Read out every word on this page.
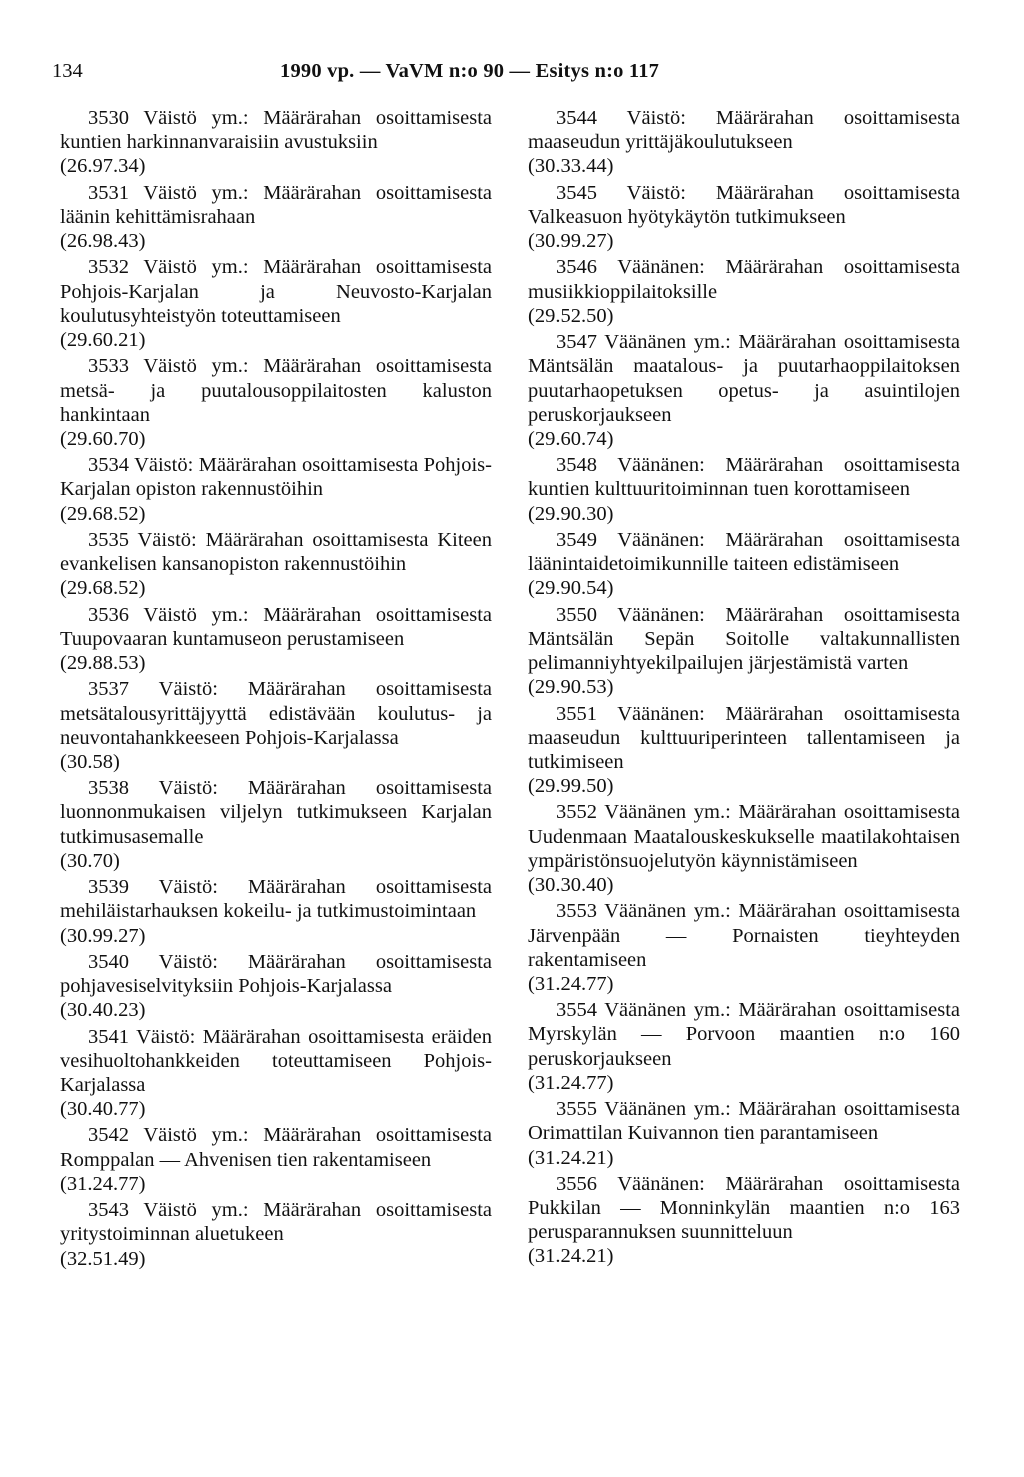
134	1990 vp. — VaVM n:o 90 — Esitys n:o 117

3530 Väistö ym.: Määrärahan osoittamisesta kuntien harkinnanvaraisiin avustuksiin

(26.97.34)

3531 Väistö ym.: Määrärahan osoittamisesta läänin kehittämisrahaan

(26.98.43)

3532 Väistö ym.: Määrärahan osoittamisesta Pohjois-Karjalan ja Neuvosto-Karjalan koulutusyhteistyön toteuttamiseen

(29.60.21)

3533 Väistö ym.: Määrärahan osoittamisesta metsä- ja puutalousoppilaitosten kaluston hankintaan

(29.60.70)

3534 Väistö: Määrärahan osoittamisesta Pohjois-Karjalan opiston rakennustöihin

(29.68.52)

3535 Väistö: Määrärahan osoittamisesta Kiteen evankelisen kansanopiston rakennustöihin

(29.68.52)

3536 Väistö ym.: Määrärahan osoittamisesta Tuupovaaran kuntamuseon perustamiseen

(29.88.53)

3537 Väistö: Määrärahan osoittamisesta metsätalousyrittäjyyttä edistävään koulutus- ja neuvontahankkeeseen Pohjois-Karjalassa

(30.58)

3538 Väistö: Määrärahan osoittamisesta luonnonmukaisen viljelyn tutkimukseen Karjalan tutkimusasemalle

(30.70)

3539 Väistö: Määrärahan osoittamisesta mehiläistarhauksen kokeilu- ja tutkimustoimintaan

(30.99.27)

3540 Väistö: Määrärahan osoittamisesta pohjavesiselvityksiin Pohjois-Karjalassa

(30.40.23)

3541 Väistö: Määrärahan osoittamisesta eräiden vesihuoltohankkeiden toteuttamiseen Pohjois-Karjalassa

(30.40.77)

3542 Väistö ym.: Määrärahan osoittamisesta Romppalan — Ahvenisen tien rakentamiseen

(31.24.77)

3543 Väistö ym.: Määrärahan osoittamisesta yritystoiminnan aluetukeen

(32.51.49)

3544 Väistö: Määrärahan osoittamisesta maaseudun yrittäjäkoulutukseen

(30.33.44)

3545 Väistö: Määrärahan osoittamisesta Valkeasuon hyötykäytön tutkimukseen

(30.99.27)

3546 Väänänen: Määrärahan osoittamisesta musiikkioppilaitoksille

(29.52.50)

3547 Väänänen ym.: Määrärahan osoittamisesta Mäntsälän maatalous- ja puutarhaoppilaitoksen puutarhaopetuksen opetus- ja asuintilojen peruskorjaukseen

(29.60.74)

3548 Väänänen: Määrärahan osoittamisesta kuntien kulttuuritoiminnan tuen korottamiseen

(29.90.30)

3549 Väänänen: Määrärahan osoittamisesta läänintaidetoimikunnille taiteen edistämiseen

(29.90.54)

3550 Väänänen: Määrärahan osoittamisesta Mäntsälän Sepän Soitolle valtakunnallisten pelimanniyhtyekilpailujen järjestämistä varten

(29.90.53)

3551 Väänänen: Määrärahan osoittamisesta maaseudun kulttuuriperinteen tallentamiseen ja tutkimiseen

(29.99.50)

3552 Väänänen ym.: Määrärahan osoittamisesta Uudenmaan Maatalouskeskukselle maatilakohtaisen ympäristönsuojelutyön käynnistämiseen

(30.30.40)

3553 Väänänen ym.: Määrärahan osoittamisesta Järvenpään — Pornaisten tieyhteyden rakentamiseen

(31.24.77)

3554 Väänänen ym.: Määrärahan osoittamisesta Myrskylän — Porvoon maantien n:o 160 peruskorjaukseen

(31.24.77)

3555 Väänänen ym.: Määrärahan osoittamisesta Orimattilan Kuivannon tien parantamiseen

(31.24.21)

3556 Väänänen: Määrärahan osoittamisesta Pukkilan — Monninkylän maantien n:o 163 perusparannuksen suunnitteluun

(31.24.21)
